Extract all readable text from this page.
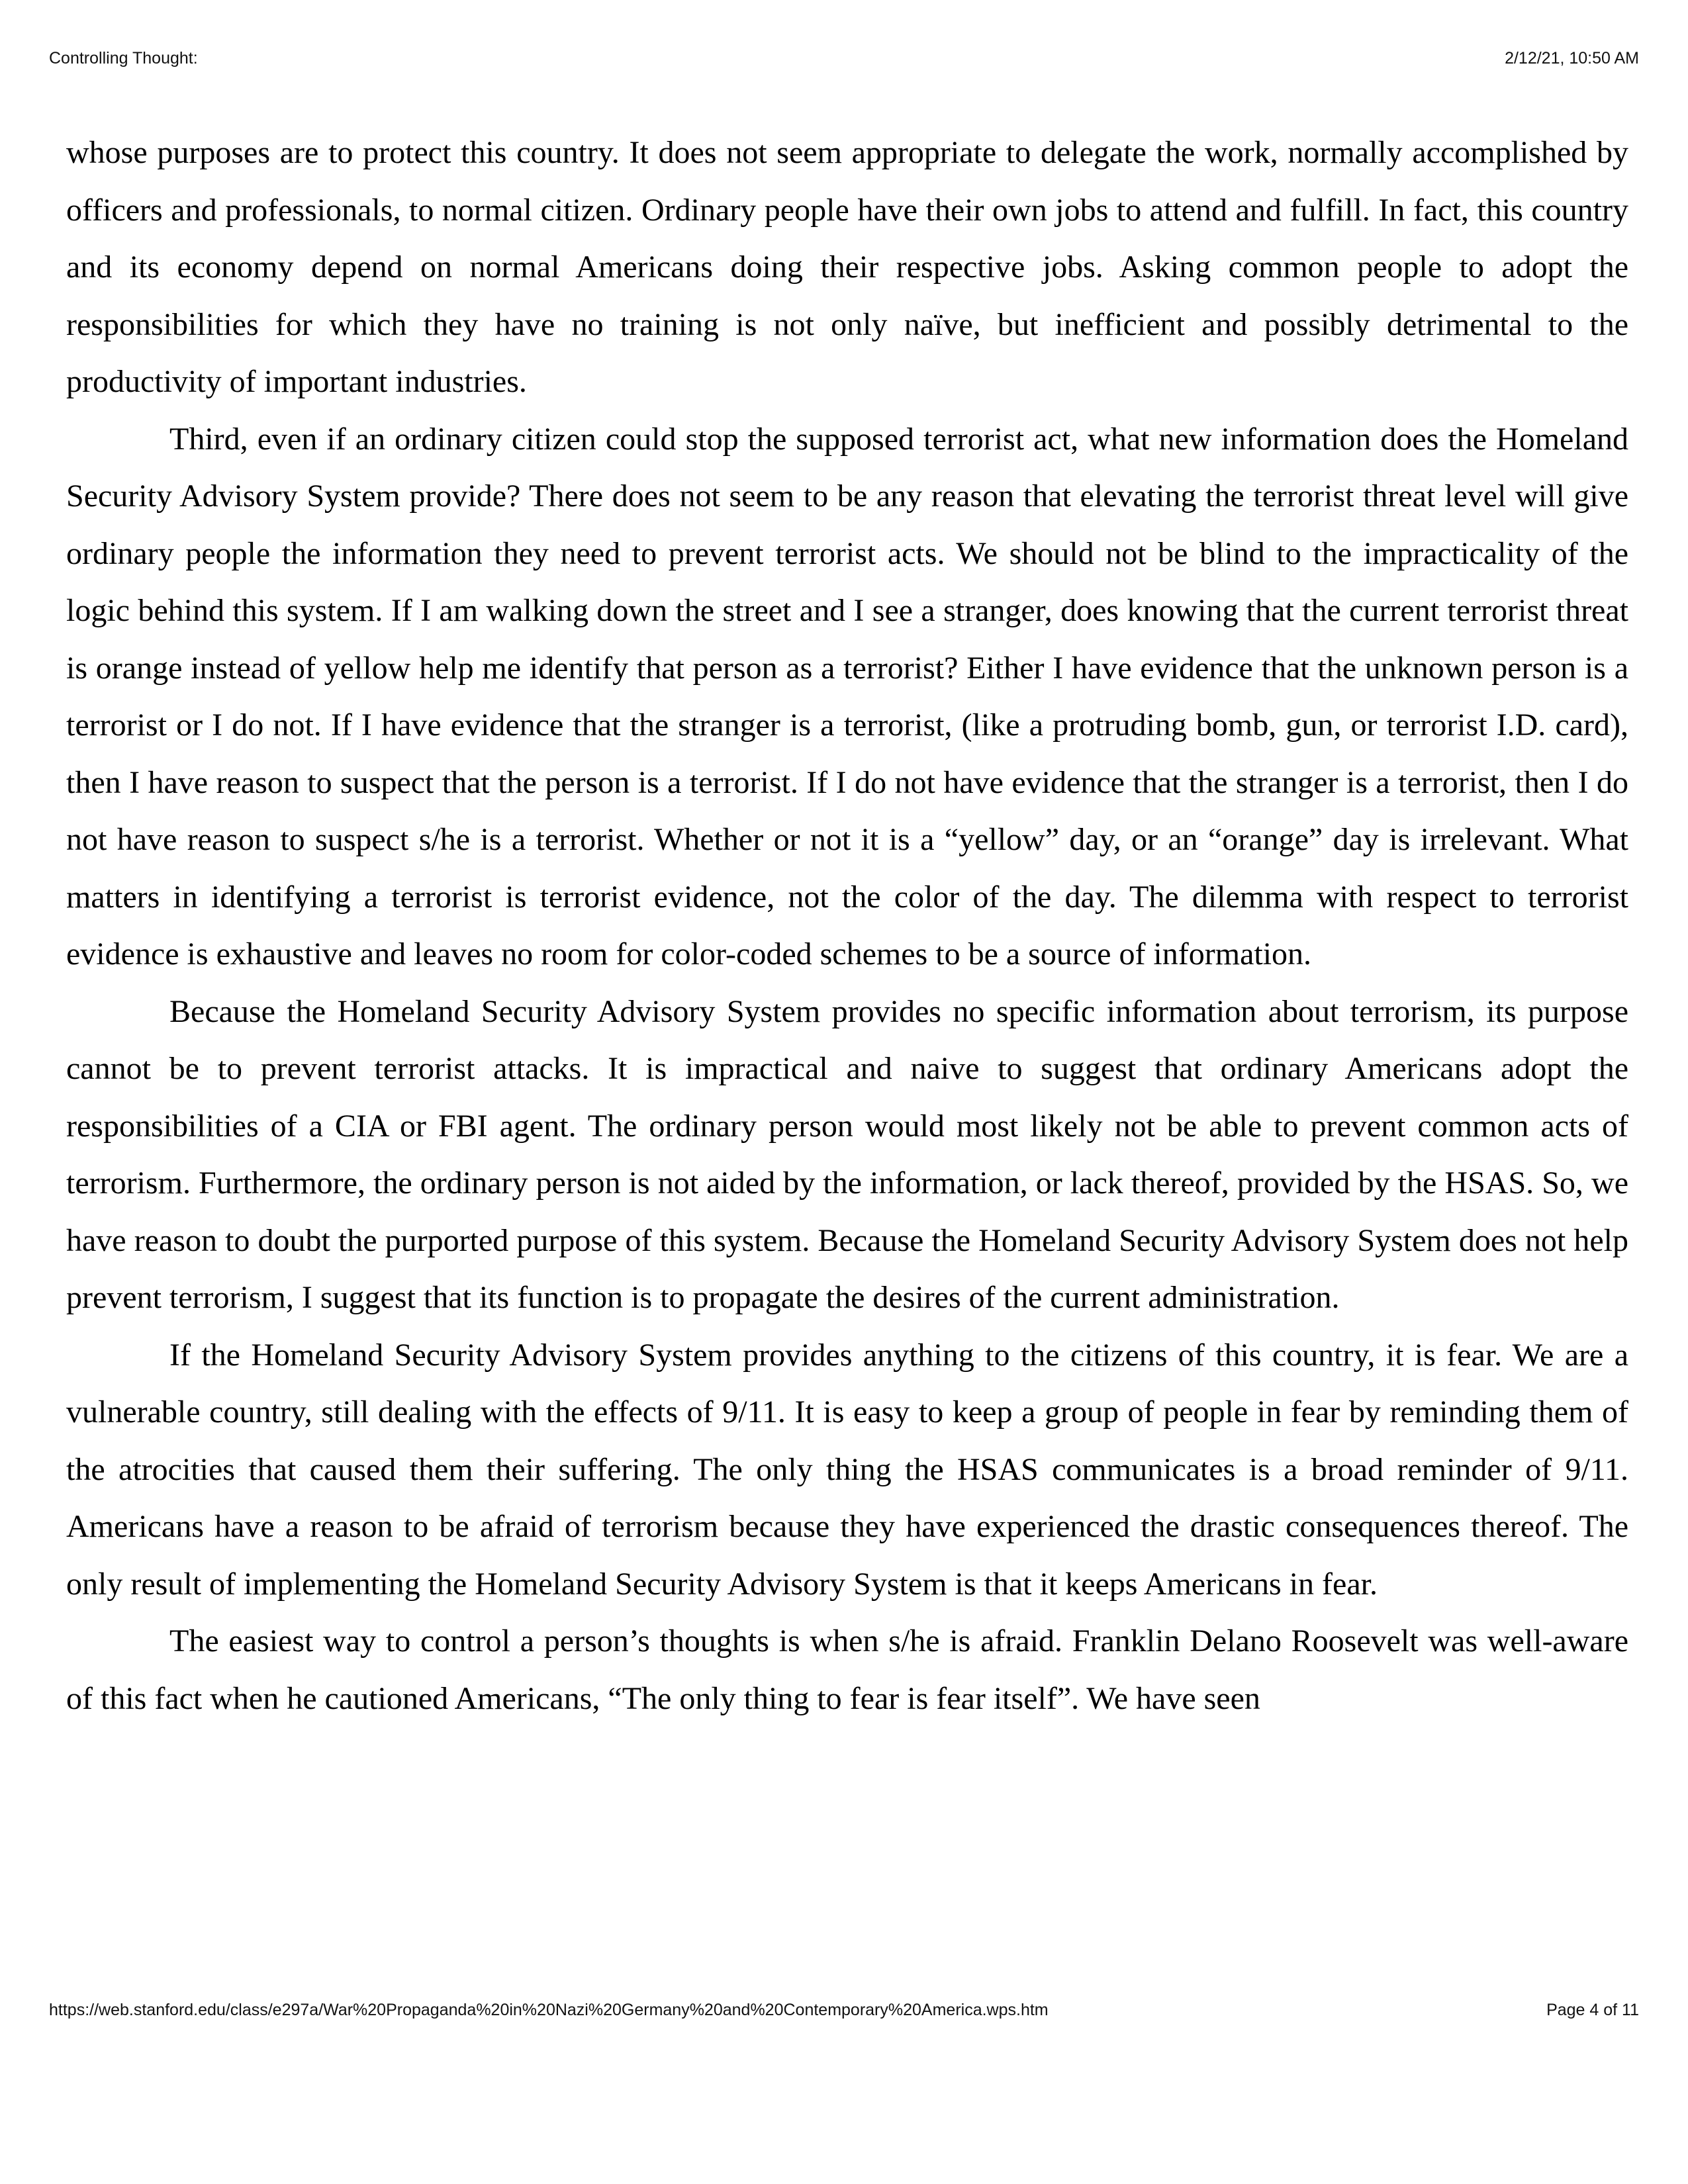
Controlling Thought:	2/12/21, 10:50 AM

whose purposes are to protect this country. It does not seem appropriate to delegate the work, normally accomplished by officers and professionals, to normal citizen. Ordinary people have their own jobs to attend and fulfill. In fact, this country and its economy depend on normal Americans doing their respective jobs. Asking common people to adopt the responsibilities for which they have no training is not only naïve, but inefficient and possibly detrimental to the productivity of important industries.

Third, even if an ordinary citizen could stop the supposed terrorist act, what new information does the Homeland Security Advisory System provide? There does not seem to be any reason that elevating the terrorist threat level will give ordinary people the information they need to prevent terrorist acts. We should not be blind to the impracticality of the logic behind this system. If I am walking down the street and I see a stranger, does knowing that the current terrorist threat is orange instead of yellow help me identify that person as a terrorist? Either I have evidence that the unknown person is a terrorist or I do not. If I have evidence that the stranger is a terrorist, (like a protruding bomb, gun, or terrorist I.D. card), then I have reason to suspect that the person is a terrorist. If I do not have evidence that the stranger is a terrorist, then I do not have reason to suspect s/he is a terrorist. Whether or not it is a “yellow” day, or an “orange” day is irrelevant. What matters in identifying a terrorist is terrorist evidence, not the color of the day. The dilemma with respect to terrorist evidence is exhaustive and leaves no room for color-coded schemes to be a source of information.

Because the Homeland Security Advisory System provides no specific information about terrorism, its purpose cannot be to prevent terrorist attacks. It is impractical and naive to suggest that ordinary Americans adopt the responsibilities of a CIA or FBI agent. The ordinary person would most likely not be able to prevent common acts of terrorism. Furthermore, the ordinary person is not aided by the information, or lack thereof, provided by the HSAS. So, we have reason to doubt the purported purpose of this system. Because the Homeland Security Advisory System does not help prevent terrorism, I suggest that its function is to propagate the desires of the current administration.

If the Homeland Security Advisory System provides anything to the citizens of this country, it is fear. We are a vulnerable country, still dealing with the effects of 9/11. It is easy to keep a group of people in fear by reminding them of the atrocities that caused them their suffering. The only thing the HSAS communicates is a broad reminder of 9/11. Americans have a reason to be afraid of terrorism because they have experienced the drastic consequences thereof. The only result of implementing the Homeland Security Advisory System is that it keeps Americans in fear.

The easiest way to control a person’s thoughts is when s/he is afraid. Franklin Delano Roosevelt was well-aware of this fact when he cautioned Americans, “The only thing to fear is fear itself”. We have seen

https://web.stanford.edu/class/e297a/War%20Propaganda%20in%20Nazi%20Germany%20and%20Contemporary%20America.wps.htm	Page 4 of 11
